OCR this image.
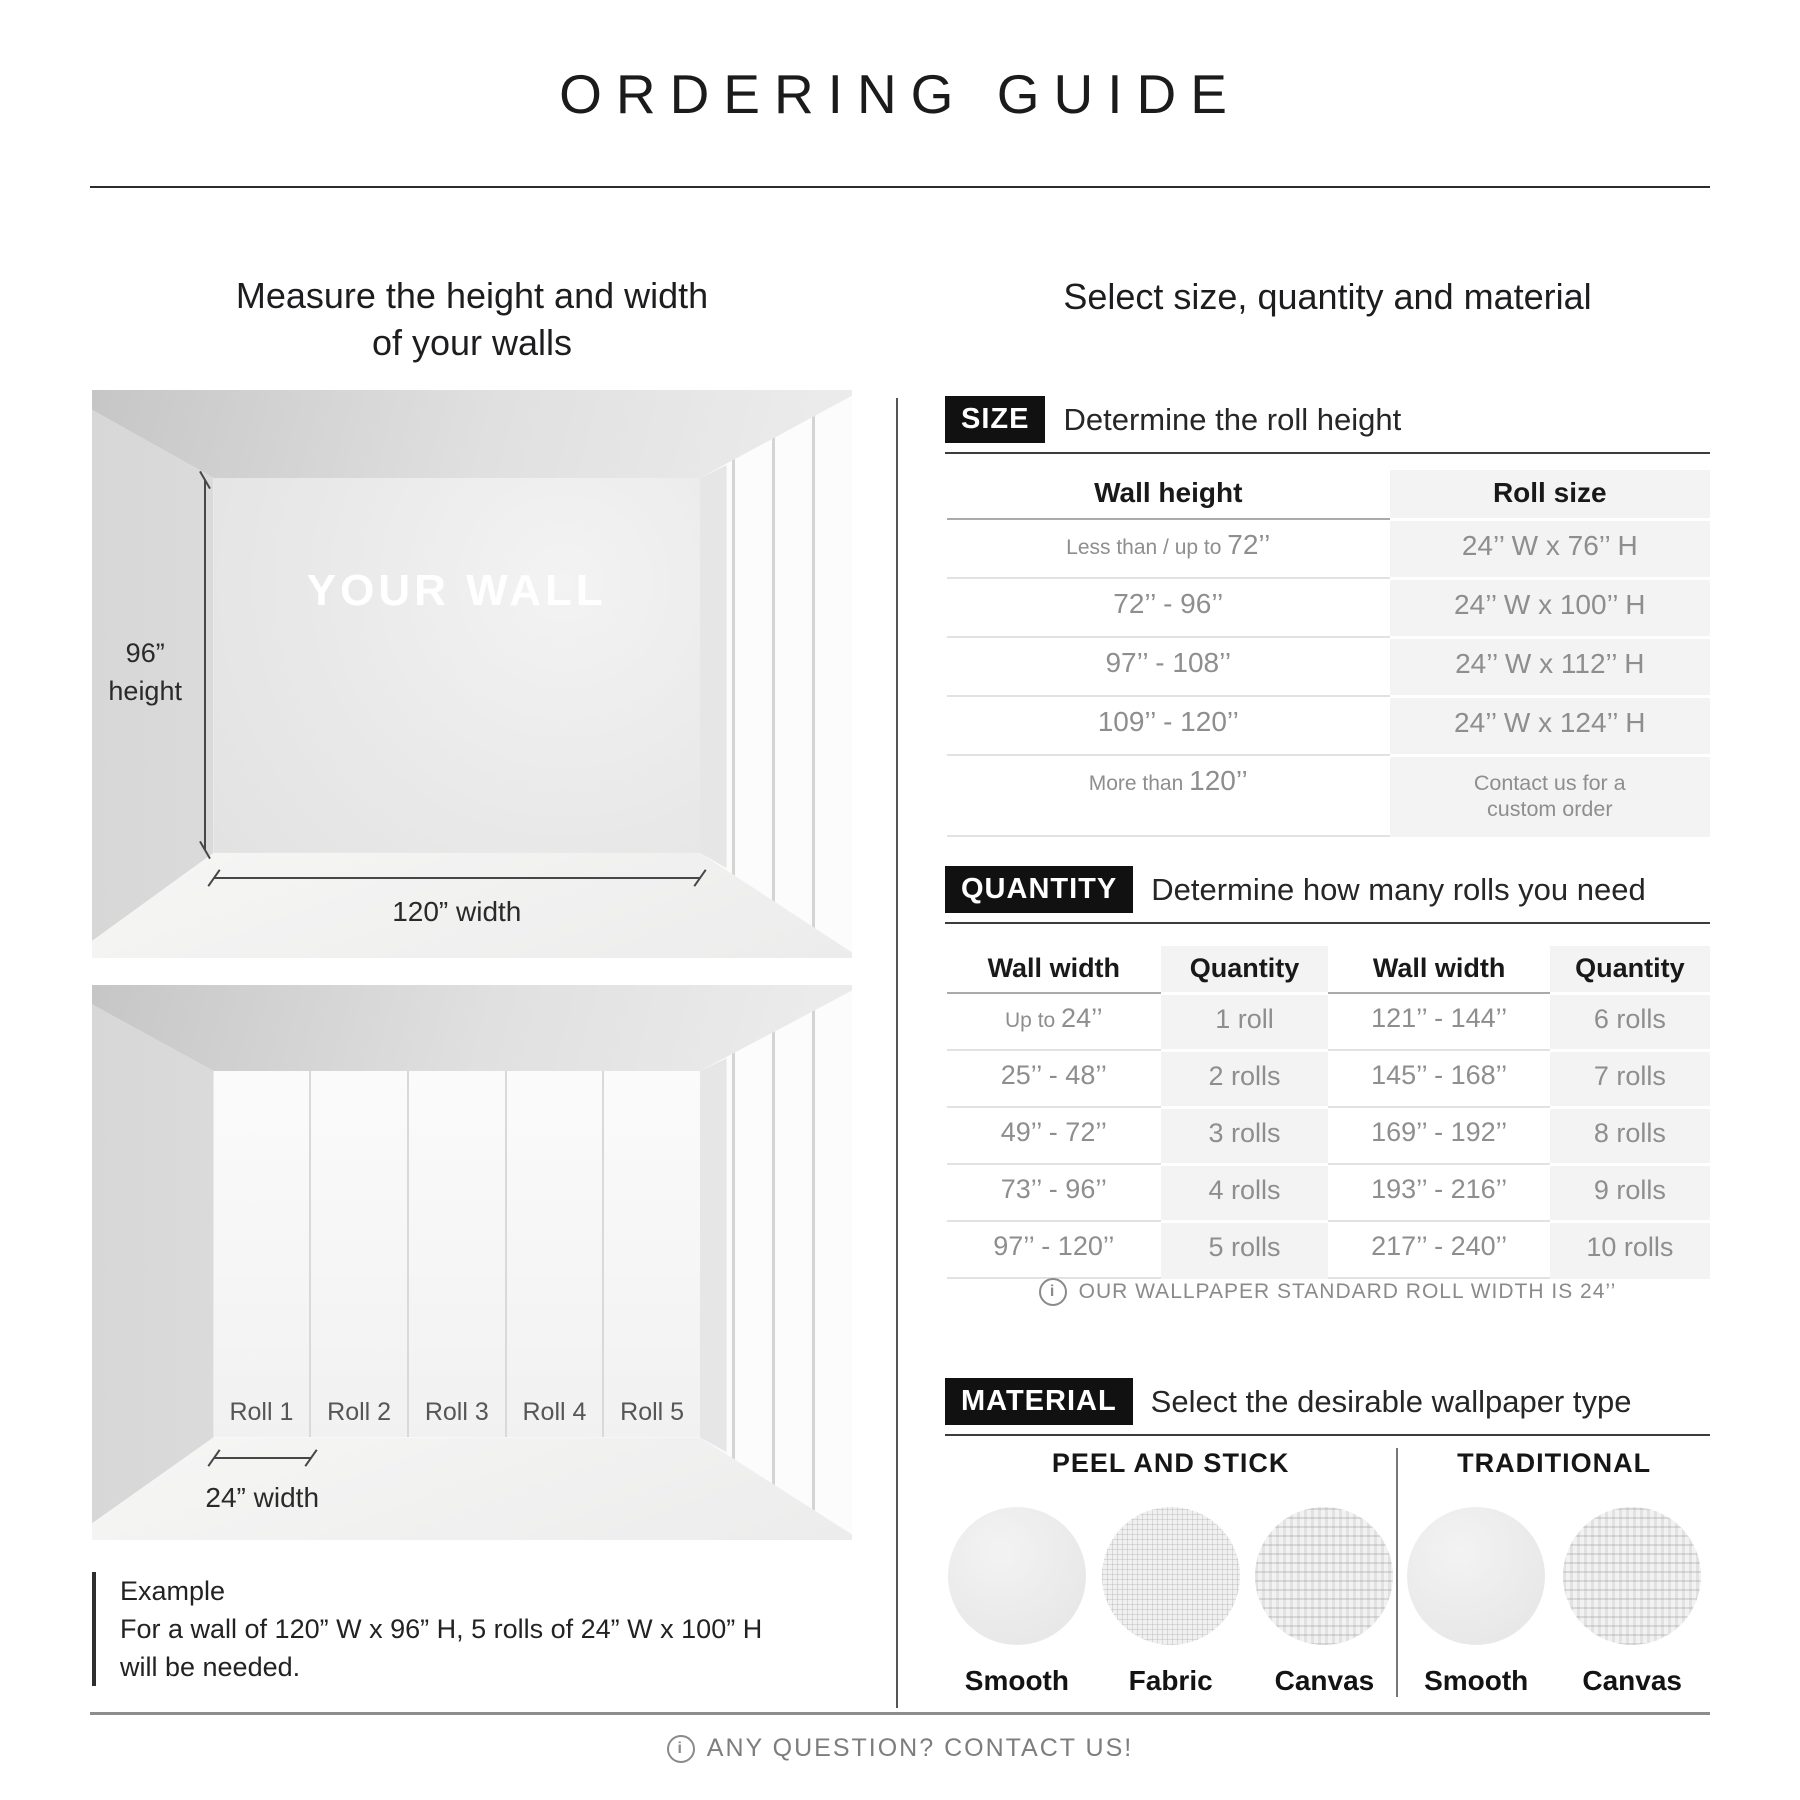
ORDERING GUIDE
Measure the height and width
of your walls
YOUR WALL
96”
height
120” width
Roll 1	Roll 2	Roll 3	Roll 4	Roll 5
24” width
Example
For a wall of 120” W x 96” H, 5 rolls of 24” W x 100” H
will be needed.
Select size, quantity and material
SIZE	Determine the roll height
Wall height	Roll size
Less than / up to 72’’	24’’ W x 76’’ H
72’’ - 96’’	24’’ W x 100’’ H
97’’ - 108’’	24’’ W x 112’’ H
109’’ - 120’’	24’’ W x 124’’ H
More than 120’’	Contact us for a
custom order
QUANTITY	Determine how many rolls you need
Wall width	Quantity	Wall width	Quantity
Up to 24’’	1 roll	121’’ - 144’’	6 rolls
25’’ - 48’’	2 rolls	145’’ - 168’’	7 rolls
49’’ - 72’’	3 rolls	169’’ - 192’’	8 rolls
73’’ - 96’’	4 rolls	193’’ - 216’’	9 rolls
97’’ - 120’’	5 rolls	217’’ - 240’’	10 rolls
i
OUR WALLPAPER STANDARD ROLL WIDTH IS 24’’
MATERIAL	Select the desirable wallpaper type
PEEL AND STICK
Smooth Fabric Canvas
TRADITIONAL
Smooth Canvas
i
ANY QUESTION? CONTACT US!
